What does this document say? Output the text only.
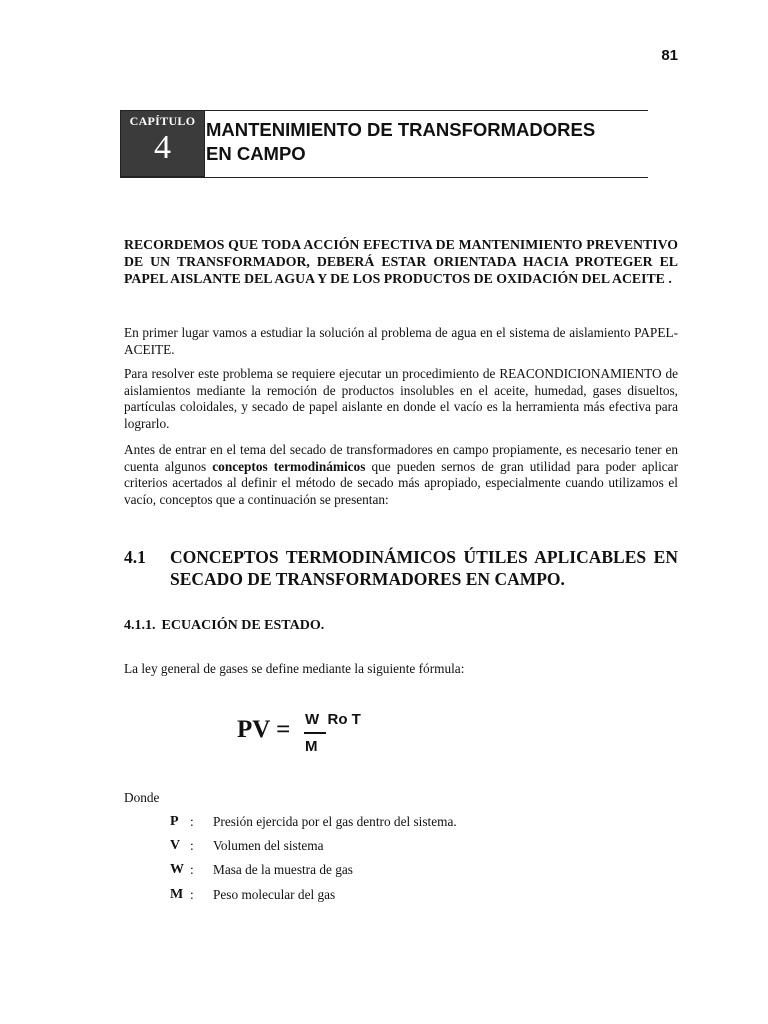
81
CAPÍTULO
4	MANTENIMIENTO DE TRANSFORMADORES
EN CAMPO

RECORDEMOS QUE TODA ACCIÓN EFECTIVA DE MANTENIMIENTO PREVENTIVO DE UN TRANSFORMADOR, DEBERÁ ESTAR ORIENTADA HACIA PROTEGER EL PAPEL AISLANTE DEL AGUA Y DE LOS PRODUCTOS DE OXIDACIÓN DEL ACEITE .

En primer lugar vamos a estudiar la solución al problema de agua en el sistema de aislamiento PAPEL-ACEITE.

Para resolver este problema se requiere ejecutar un procedimiento de REACONDICIONAMIENTO de aislamientos mediante la remoción de productos insolubles en el aceite, humedad, gases disueltos, partículas coloidales, y secado de papel aislante en donde el vacío es la herramienta más efectiva para lograrlo.

Antes de entrar en el tema del secado de transformadores en campo propiamente, es necesario tener en cuenta algunos conceptos termodinámicos que pueden sernos de gran utilidad para poder aplicar criterios acertados al definir el método de secado más apropiado, especialmente cuando utilizamos el vacío, conceptos que a continuación se presentan:

4.1 CONCEPTOS TERMODINÁMICOS ÚTILES APLICABLES EN SECADO DE TRANSFORMADORES EN CAMPO.
4.1.1. ECUACIÓN DE ESTADO.

La ley general de gases se define mediante la siguiente fórmula:

PV = W  Ro T
M
Donde
P : Presión ejercida por el gas dentro del sistema.
V : Volumen del sistema
W : Masa de la muestra de gas
M : Peso molecular del gas
